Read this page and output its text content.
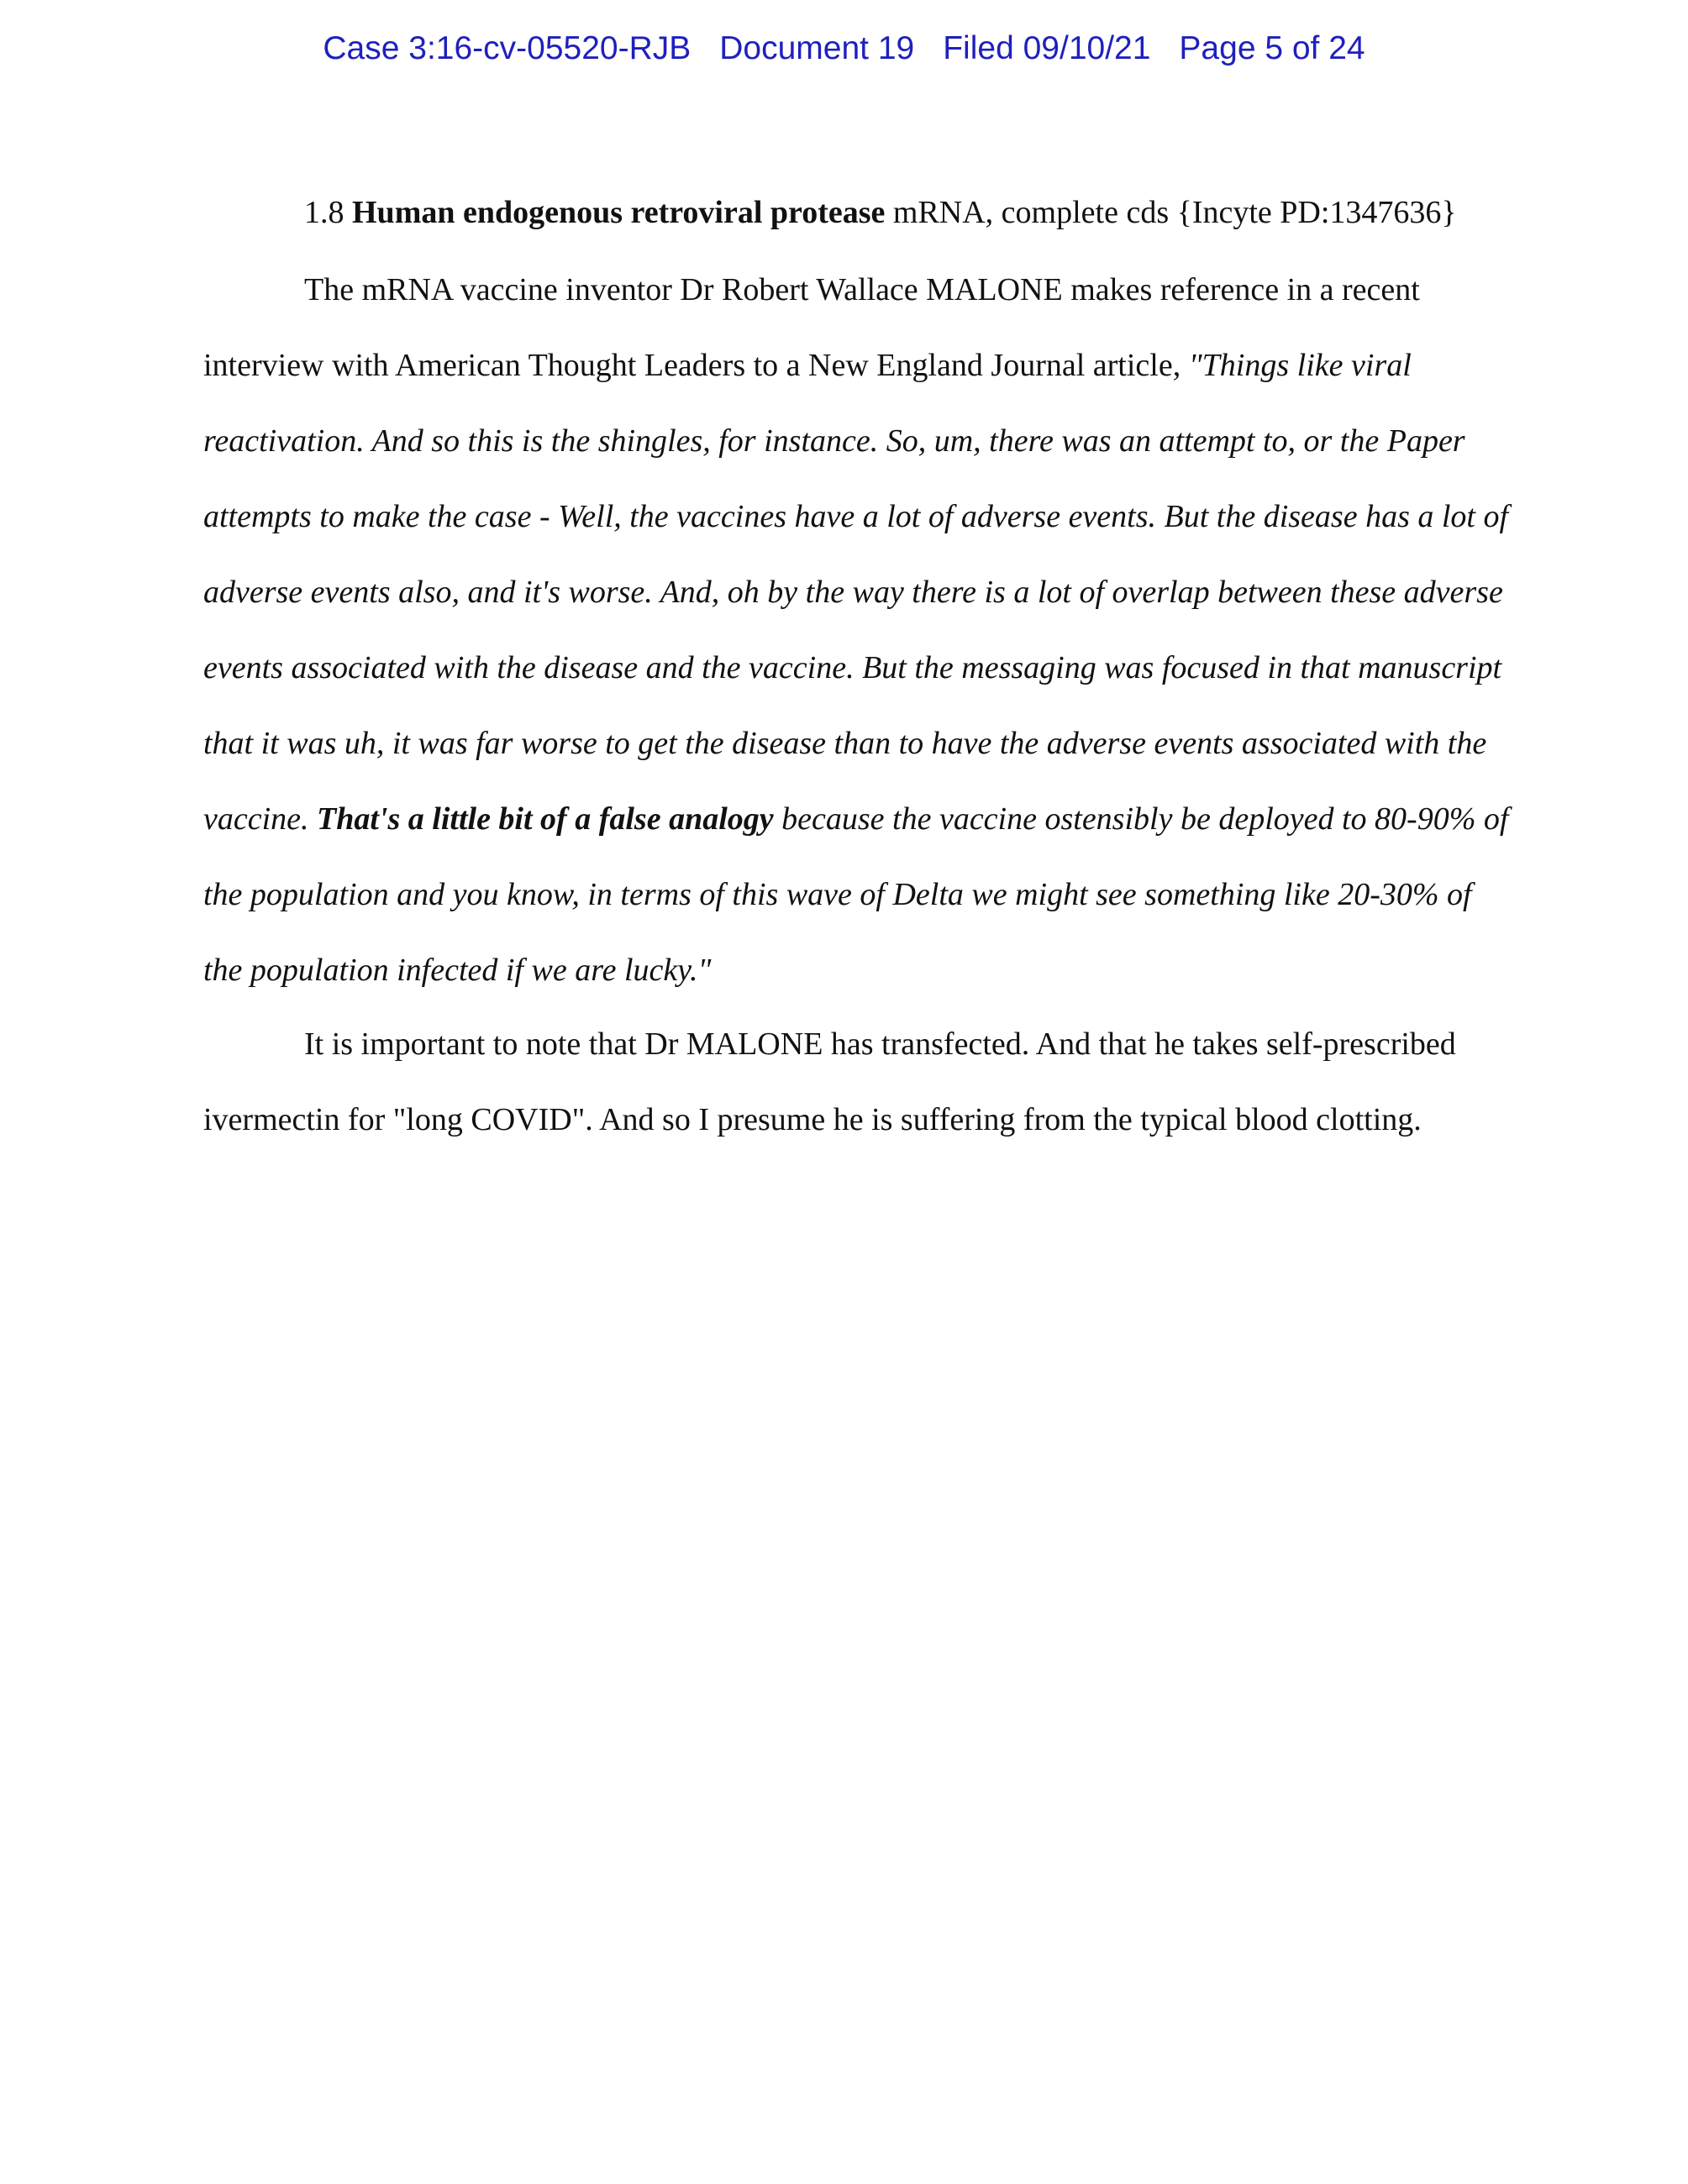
Case 3:16-cv-05520-RJB Document 19 Filed 09/10/21 Page 5 of 24

1.8 Human endogenous retroviral protease mRNA, complete cds {Incyte PD:1347636}

The mRNA vaccine inventor Dr Robert Wallace MALONE makes reference in a recent interview with American Thought Leaders to a New England Journal article, "Things like viral reactivation. And so this is the shingles, for instance. So, um, there was an attempt to, or the Paper attempts to make the case - Well, the vaccines have a lot of adverse events. But the disease has a lot of adverse events also, and it's worse. And, oh by the way there is a lot of overlap between these adverse events associated with the disease and the vaccine. But the messaging was focused in that manuscript that it was uh, it was far worse to get the disease than to have the adverse events associated with the vaccine. That's a little bit of a false analogy because the vaccine ostensibly be deployed to 80-90% of the population and you know, in terms of this wave of Delta we might see something like 20-30% of the population infected if we are lucky."

It is important to note that Dr MALONE has transfected. And that he takes self-prescribed ivermectin for "long COVID". And so I presume he is suffering from the typical blood clotting.
